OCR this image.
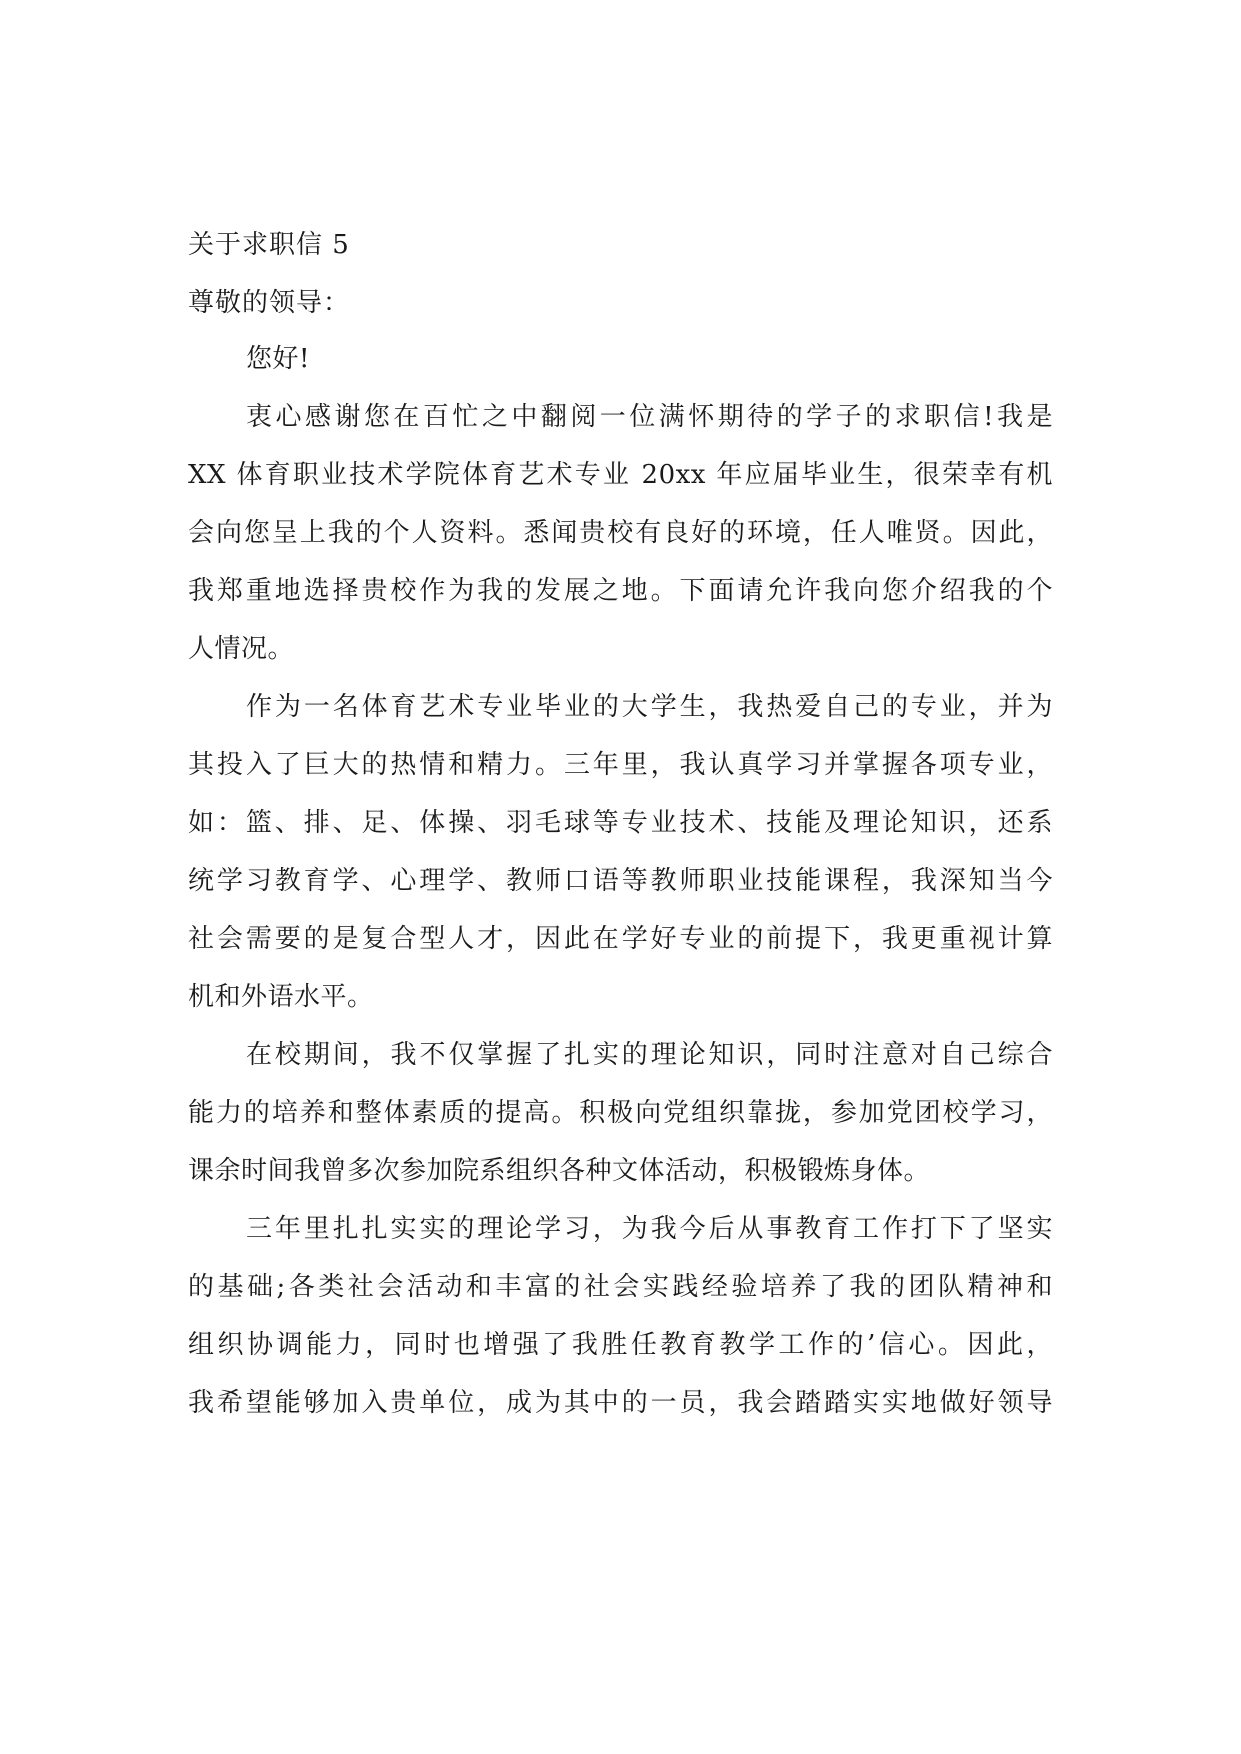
关于求职信 5
尊敬的领导：
您好!
衷心感谢您在百忙之中翻阅一位满怀期待的学子的求职信!我是
XX 体育职业技术学院体育艺术专业 20xx 年应届毕业生，很荣幸有机
会向您呈上我的个人资料。悉闻贵校有良好的环境，任人唯贤。因此，
我郑重地选择贵校作为我的发展之地。下面请允许我向您介绍我的个
人情况。
作为一名体育艺术专业毕业的大学生，我热爱自己的专业，并为
其投入了巨大的热情和精力。三年里，我认真学习并掌握各项专业，
如：篮、排、足、体操、羽毛球等专业技术、技能及理论知识，还系
统学习教育学、心理学、教师口语等教师职业技能课程，我深知当今
社会需要的是复合型人才，因此在学好专业的前提下，我更重视计算
机和外语水平。
在校期间，我不仅掌握了扎实的理论知识，同时注意对自己综合
能力的培养和整体素质的提高。积极向党组织靠拢，参加党团校学习，
课余时间我曾多次参加院系组织各种文体活动，积极锻炼身体。
三年里扎扎实实的理论学习，为我今后从事教育工作打下了坚实
的基础;各类社会活动和丰富的社会实践经验培养了我的团队精神和
组织协调能力，同时也增强了我胜任教育教学工作的’信心。因此，
我希望能够加入贵单位，成为其中的一员，我会踏踏实实地做好领导
